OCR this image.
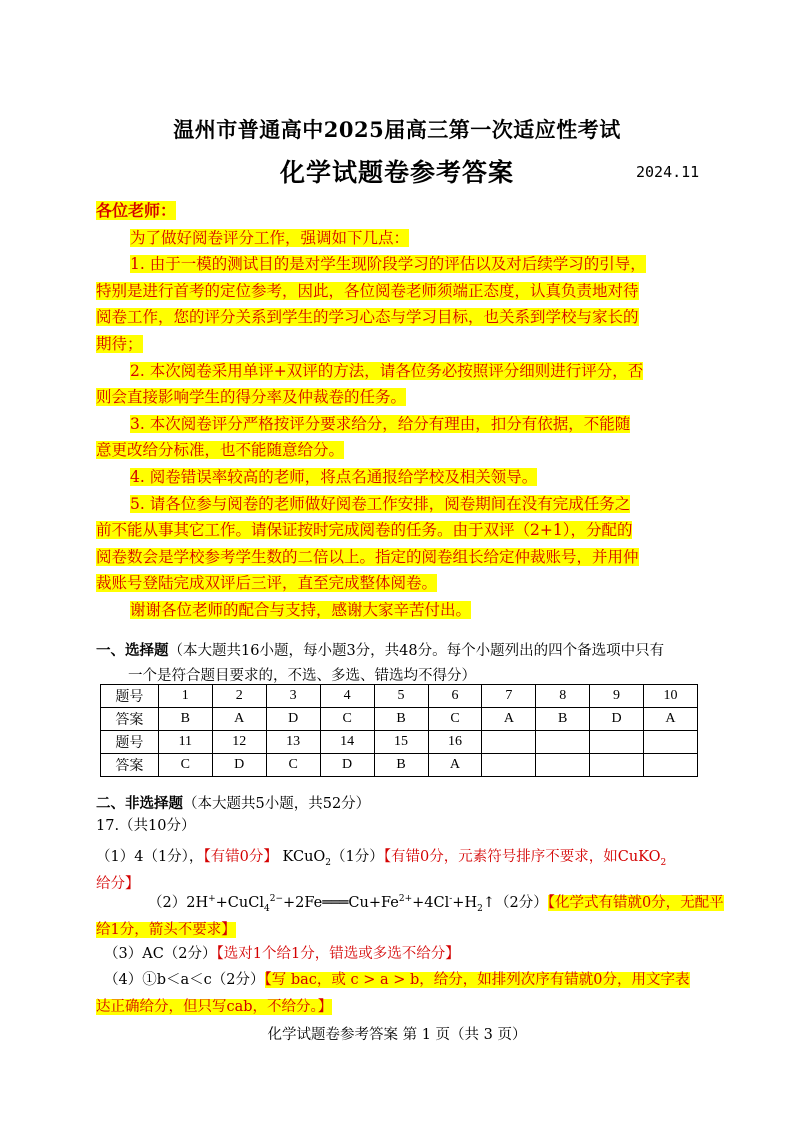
温州市普通高中2025届高三第一次适应性考试
化学试题卷参考答案	2024.11
各位老师：
为了做好阅卷评分工作，强调如下几点：
1. 由于一模的测试目的是对学生现阶段学习的评估以及对后续学习的引导，
特别是进行首考的定位参考，因此，各位阅卷老师须端正态度，认真负责地对待
阅卷工作，您的评分关系到学生的学习心态与学习目标，也关系到学校与家长的
期待；
2. 本次阅卷采用单评+双评的方法，请各位务必按照评分细则进行评分，否
则会直接影响学生的得分率及仲裁卷的任务。
3. 本次阅卷评分严格按评分要求给分，给分有理由，扣分有依据，不能随
意更改给分标准，也不能随意给分。
4. 阅卷错误率较高的老师，将点名通报给学校及相关领导。
5. 请各位参与阅卷的老师做好阅卷工作安排，阅卷期间在没有完成任务之
前不能从事其它工作。请保证按时完成阅卷的任务。由于双评（2+1），分配的
阅卷数会是学校参考学生数的二倍以上。指定的阅卷组长给定仲裁账号，并用仲
裁账号登陆完成双评后三评，直至完成整体阅卷。
谢谢各位老师的配合与支持，感谢大家辛苦付出。
一、选择题（本大题共16小题，每小题3分，共48分。每个小题列出的四个备选项中只有
一个是符合题目要求的，不选、多选、错选均不得分）
题号	1	2	3	4	5	6	7	8	9	10
答案	B	A	D	C	B	C	A	B	D	A
题号	11	12	13	14	15	16				
答案	C	D	C	D	B	A				
二、非选择题（本大题共5小题，共52分）
17.（共10分）
（1）4（1分），【有错0分】 KCuO$_2$（1分）【有错0分，元素符号排序不要求，如CuKO$_2$
给分】
$(2)2H^++CuCl_4^{2-}+2Fe═══Cu+Fe^{2+}+4Cl^-+H_2↑(2$分）【化学式有错就0分，无配平
给1分，箭头不要求】
（3）AC（2分）【选对1个给1分，错选或多选不给分】
（4）①b＜a＜c（2分）【写 bac，或 c > a > b，给分，如排列次序有错就0分，用文字表
达正确给分，但只写cab，不给分。】
化学试题卷参考答案 第 1 页（共 3 页）
